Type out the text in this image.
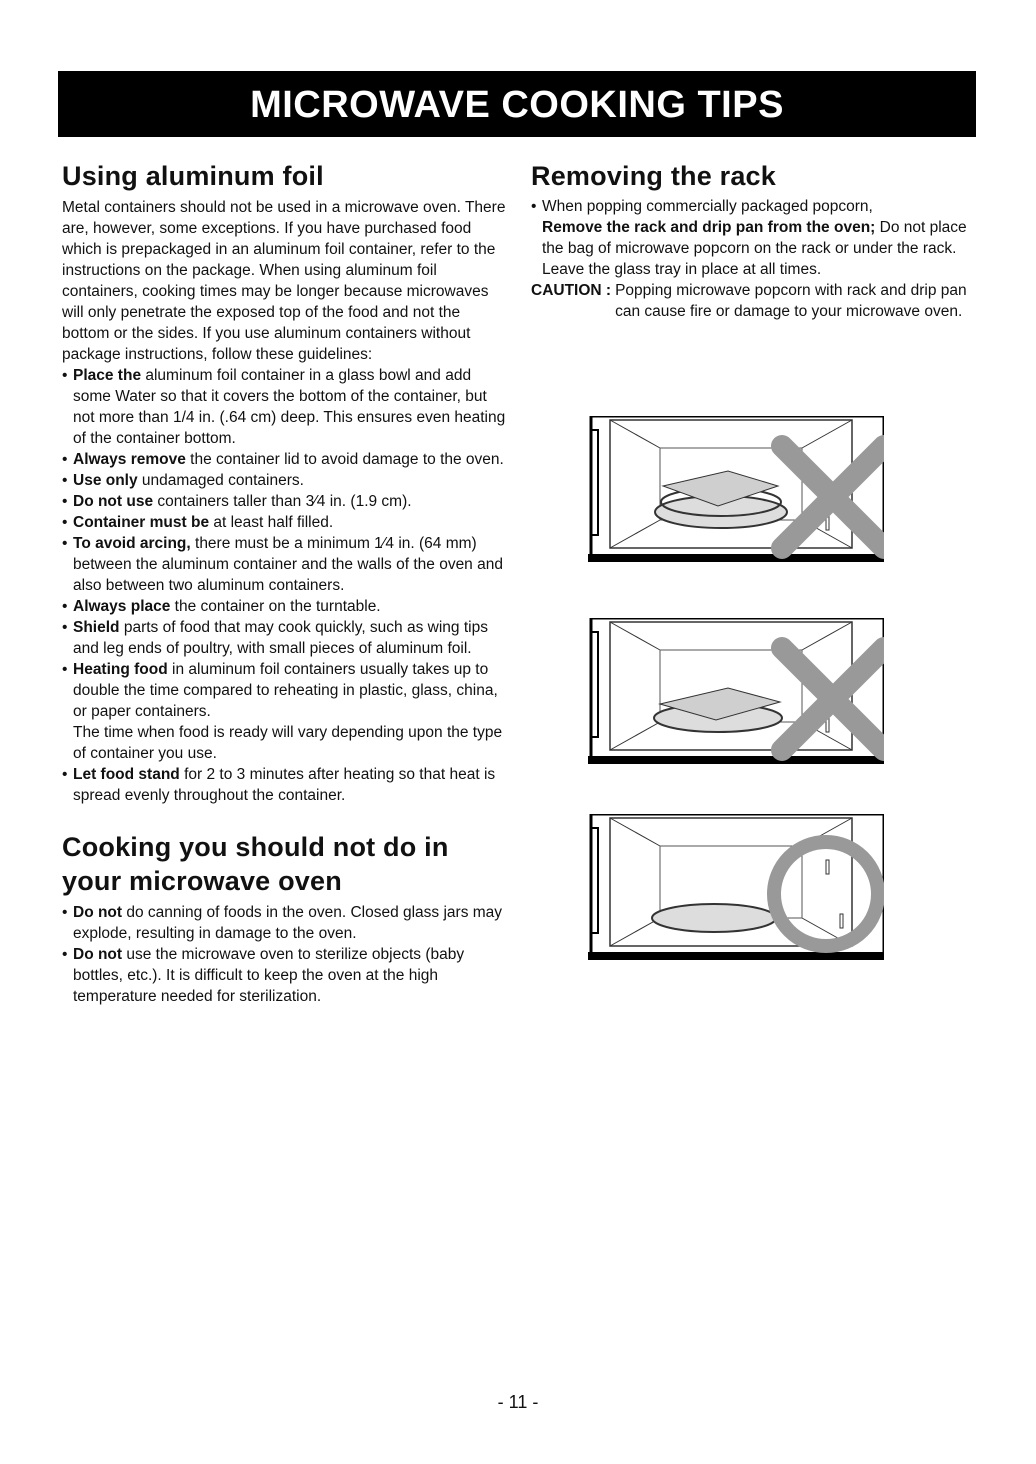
MICROWAVE COOKING TIPS
Using aluminum foil

Metal containers should not be used in a microwave oven. There are, however, some exceptions. If you have purchased food which is prepackaged in an aluminum foil container, refer to the instructions on the package. When using aluminum foil containers, cooking times may be longer because microwaves will only penetrate the exposed top of the food and not the bottom or the sides. If you use aluminum containers without package instructions, follow these guidelines:

• Place the aluminum foil container in a glass bowl and add some Water so that it covers the bottom of the container, but not more than 1/4 in. (.64 cm) deep. This ensures even heating of the container bottom.
• Always remove the container lid to avoid damage to the oven.
• Use only undamaged containers.
• Do not use containers taller than 3⁄4 in. (1.9 cm).
• Container must be at least half filled.
• To avoid arcing, there must be a minimum 1⁄4 in. (64 mm) between the aluminum container and the walls of the oven and also between two aluminum containers.
• Always place the container on the turntable.
• Shield parts of food that may cook quickly, such as wing tips and leg ends of poultry, with small pieces of aluminum foil.
• Heating food in aluminum foil containers usually takes up to double the time compared to reheating in plastic, glass, china, or paper containers.
The time when food is ready will vary depending upon the type of container you use.
• Let food stand for 2 to 3 minutes after heating so that heat is spread evenly throughout the container.
Cooking you should not do in your microwave oven
• Do not do canning of foods in the oven. Closed glass jars may explode, resulting in damage to the oven.
• Do not use the microwave oven to sterilize objects (baby bottles, etc.). It is difficult to keep the oven at the high temperature needed for sterilization.
Removing the rack
• When popping commercially packaged popcorn,
Remove the rack and drip pan from the oven; Do not place the bag of microwave popcorn on the rack or under the rack. Leave the glass tray in place at all times.
CAUTION : Popping microwave popcorn with rack and drip pan can cause fire or damage to your microwave oven.
- 11 -
